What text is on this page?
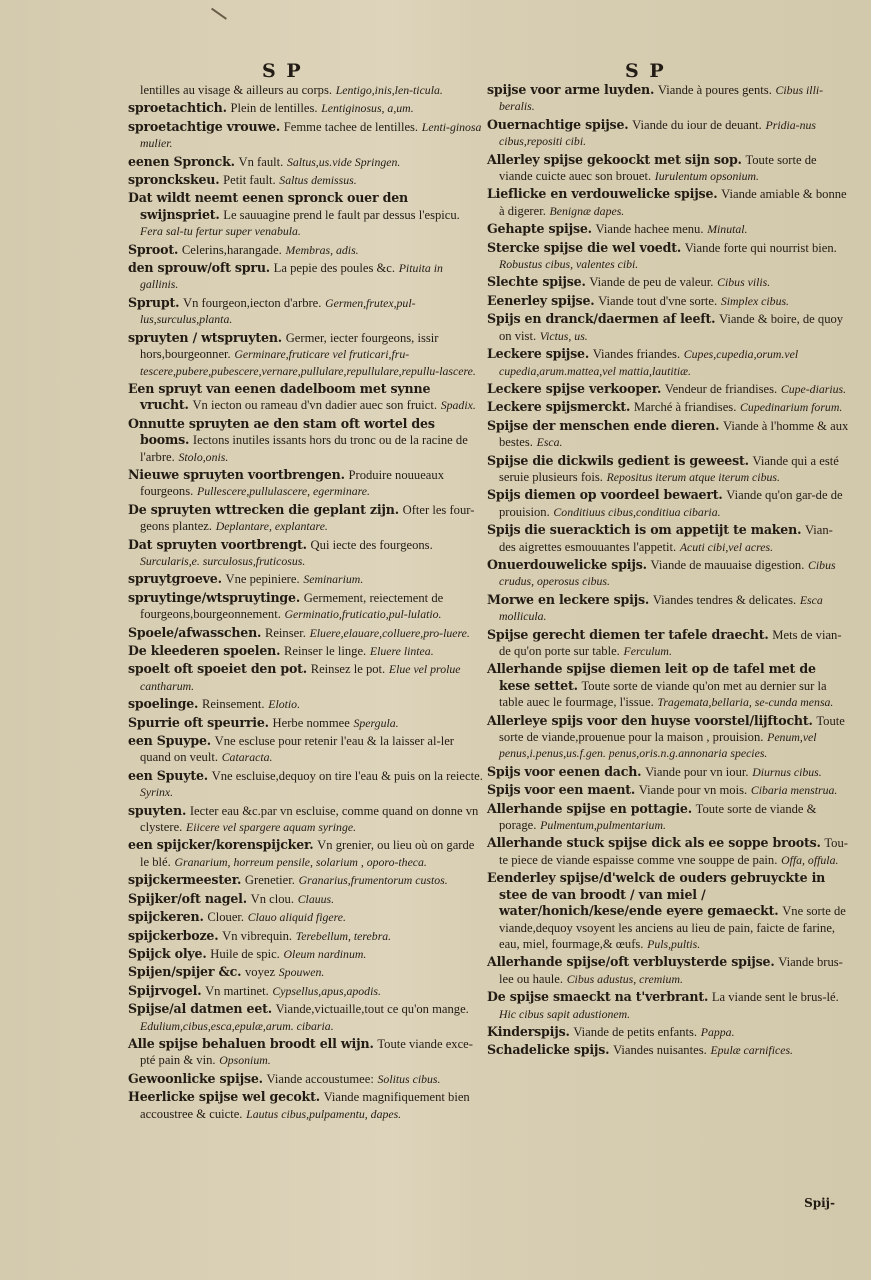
S P	S P
lentilles au visage & ailleurs au corps. Lentigo,inis,len-ticula.
sproetachtich. Plein de lentilles. Lentiginosus, a,um.
sproetachtige vrouwe. Femme tachee de lentilles. Lenti-ginosa mulier.
eenen Spronck. Vn fault. Saltus,us.vide Springen.
spronckskeu. Petit fault. Saltus demissus.
Dat wildt neemt eenen spronck ouer den swijnspriet. Le sauuagine prend le fault par dessus l'espicu. Fera sal-tu fertur super venabula.
Sproot. Celerins,harangade. Membras, adis.
den sprouw/oft spru. La pepie des poules &c. Pituita in gallinis.
Sprupt. Vn fourgeon,iecton d'arbre. Germen,frutex,pul-lus,surculus,planta.
spruyten / wtspruyten. Germer, iecter fourgeons, issir hors,bourgeonner. Germinare,fruticare vel fruticari,fru-tescere,pubere,pubescere,vernare,pullulare,repullulare,repullu-lascere.
Een spruyt van eenen dadelboom met synne vrucht. Vn iecton ou rameau d'vn dadier auec son fruict. Spadix.
Onnutte spruyten ae den stam oft wortel des booms. Iectons inutiles issants hors du tronc ou de la racine de l'arbre. Stolo,onis.
Nieuwe spruyten voortbrengen. Produire nouueaux fourgeons. Pullescere,pullulascere, egerminare.
De spruyten wttrecken die geplant zijn. Ofter les four-geons plantez. Deplantare, explantare.
Dat spruyten voortbrengt. Qui iecte des fourgeons. Surcularis,e. surculosus,fruticosus.
spruytgroeve. Vne pepiniere. Seminarium.
spruytinge/wtspruytinge. Germement, reiectement de fourgeons,bourgeonnement. Germinatio,fruticatio,pul-lulatio.
Spoele/afwasschen. Reinser. Eluere,elauare,colluere,pro-luere.
De kleederen spoelen. Reinser le linge. Eluere lintea.
spoelt oft spoeiet den pot. Reinsez le pot. Elue vel prolue cantharum.
spoelinge. Reinsement. Elotio.
Spurrie oft speurrie. Herbe nommee Spergula.
een Spuype. Vne escluse pour retenir l'eau & la laisser al-ler quand on veult. Cataracta.
een Spuyte. Vne escluise,dequoy on tire l'eau & puis on la reiecte. Syrinx.
spuyten. Iecter eau &c.par vn escluise, comme quand on donne vn clystere. Eiicere vel spargere aquam syringe.
een spijcker/korenspijcker. Vn grenier, ou lieu où on garde le blé. Granarium, horreum pensile, solarium , oporo-theca.
spijckermeester. Grenetier. Granarius,frumentorum custos.
Spijker/oft nagel. Vn clou. Clauus.
spijckeren. Clouer. Clauo aliquid figere.
spijckerboze. Vn vibrequin. Terebellum, terebra.
Spijck olye. Huile de spic. Oleum nardinum.
Spijen/spijer &c. voyez Spouwen.
Spijrvogel. Vn martinet. Cypsellus,apus,apodis.
Spijse/al datmen eet. Viande,victuaille,tout ce qu'on mange. Edulium,cibus,esca,epulæ,arum. cibaria.
Alle spijse behaluen broodt ell wijn. Toute viande exce-pté pain & vin. Opsonium.
Gewoonlicke spijse. Viande accoustumee: Solitus cibus.
Heerlicke spijse wel gecokt. Viande magnifiquement bien accoustree & cuicte. Lautus cibus,pulpamentu, dapes.
spijse voor arme luyden. Viande à poures gents. Cibus illi-beralis.
Ouernachtige spijse. Viande du iour de deuant. Pridia-nus cibus,repositi cibi.
Allerley spijse gekoockt met sijn sop. Toute sorte de viande cuicte auec son brouet. Iurulentum opsonium.
Lieflicke en verdouwelicke spijse. Viande amiable & bonne à digerer. Benignæ dapes.
Gehapte spijse. Viande hachee menu. Minutal.
Stercke spijse die wel voedt. Viande forte qui nourrist bien. Robustus cibus, valentes cibi.
Slechte spijse. Viande de peu de valeur. Cibus vilis.
Eenerley spijse. Viande tout d'vne sorte. Simplex cibus.
Spijs en dranck/daermen af leeft. Viande & boire, de quoy on vist. Victus, us.
Leckere spijse. Viandes friandes. Cupes,cupedia,orum.vel cupedia,arum.mattea,vel mattia,lautitiæ.
Leckere spijse verkooper. Vendeur de friandises. Cupe-diarius.
Leckere spijsmerckt. Marché à friandises. Cupedinarium forum.
Spijse der menschen ende dieren. Viande à l'homme & aux bestes. Esca.
Spijse die dickwils gedient is geweest. Viande qui a esté seruie plusieurs fois. Repositus iterum atque iterum cibus.
Spijs diemen op voordeel bewaert. Viande qu'on gar-de de prouision. Conditiuus cibus,conditiua cibaria.
Spijs die sueracktich is om appetijt te maken. Vian-des aigrettes esmouuantes l'appetit. Acuti cibi,vel acres.
Onuerdouwelicke spijs. Viande de mauuaise digestion. Cibus crudus, operosus cibus.
Morwe en leckere spijs. Viandes tendres & delicates. Esca mollicula.
Spijse gerecht diemen ter tafele draecht. Mets de vian-de qu'on porte sur table. Ferculum.
Allerhande spijse diemen leit op de tafel met de kese settet. Toute sorte de viande qu'on met au dernier sur la table auec le fourmage, l'issue. Tragemata,bellaria, se-cunda mensa.
Allerleye spijs voor den huyse voorstel/lijftocht. Toute sorte de viande,prouenue pour la maison , prouision. Penum,vel penus,i.penus,us.f.gen. penus,oris.n.g.annonaria species.
Spijs voor eenen dach. Viande pour vn iour. Diurnus cibus.
Spijs voor een maent. Viande pour vn mois. Cibaria menstrua.
Allerhande spijse en pottagie. Toute sorte de viande & porage. Pulmentum,pulmentarium.
Allerhande stuck spijse dick als ee soppe broots. Tou-te piece de viande espaisse comme vne souppe de pain. Offa, offula.
Eenderley spijse/d'welck de ouders gebruyckte in stee de van broodt / van miel / water/honich/kese/ende eyere gemaeckt. Vne sorte de viande,dequoy vsoyent les anciens au lieu de pain, faicte de farine, eau, miel, fourmage,& œufs. Puls,pultis.
Allerhande spijse/oft verbluysterde spijse. Viande brus-lee ou haule. Cibus adustus, cremium.
De spijse smaeckt na t'verbrant. La viande sent le brus-lé. Hic cibus sapit adustionem.
Kinderspijs. Viande de petits enfants. Pappa.
Schadelicke spijs. Viandes nuisantes. Epulæ carnifices.
Spij-
